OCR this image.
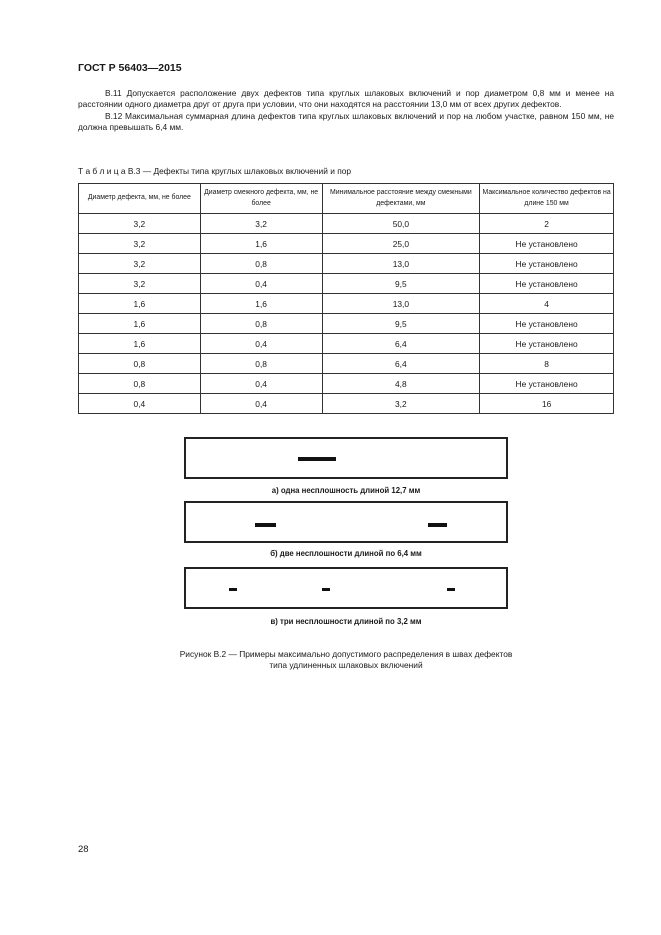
ГОСТ Р 56403—2015

В.11 Допускается расположение двух дефектов типа круглых шлаковых включений и пор диаметром 0,8 мм и менее на расстоянии одного диаметра друг от друга при условии, что они находятся на расстоянии 13,0 мм от всех других дефектов.

В.12 Максимальная суммарная длина дефектов типа круглых шлаковых включений и пор на любом участке, равном 150 мм, не должна превышать 6,4 мм.

Т а б л и ц а В.3 — Дефекты типа круглых шлаковых включений и пор
Диаметр дефекта, мм, не более	Диаметр смежного дефекта, мм, не более	Минимальное расстояние между смежными дефектами, мм	Максимальное количество дефектов на длине 150 мм
3,2	3,2	50,0	2
3,2	1,6	25,0	Не установлено
3,2	0,8	13,0	Не установлено
3,2	0,4	9,5	Не установлено
1,6	1,6	13,0	4
1,6	0,8	9,5	Не установлено
1,6	0,4	6,4	Не установлено
0,8	0,8	6,4	8
0,8	0,4	4,8	Не установлено
0,4	0,4	3,2	16
а) одна несплошность длиной 12,7 мм
б) две несплошности длиной по 6,4 мм
в) три несплошности длиной по 3,2 мм
Рисунок В.2 — Примеры максимально допустимого распределения в швах дефектов
типа удлиненных шлаковых включений
28
